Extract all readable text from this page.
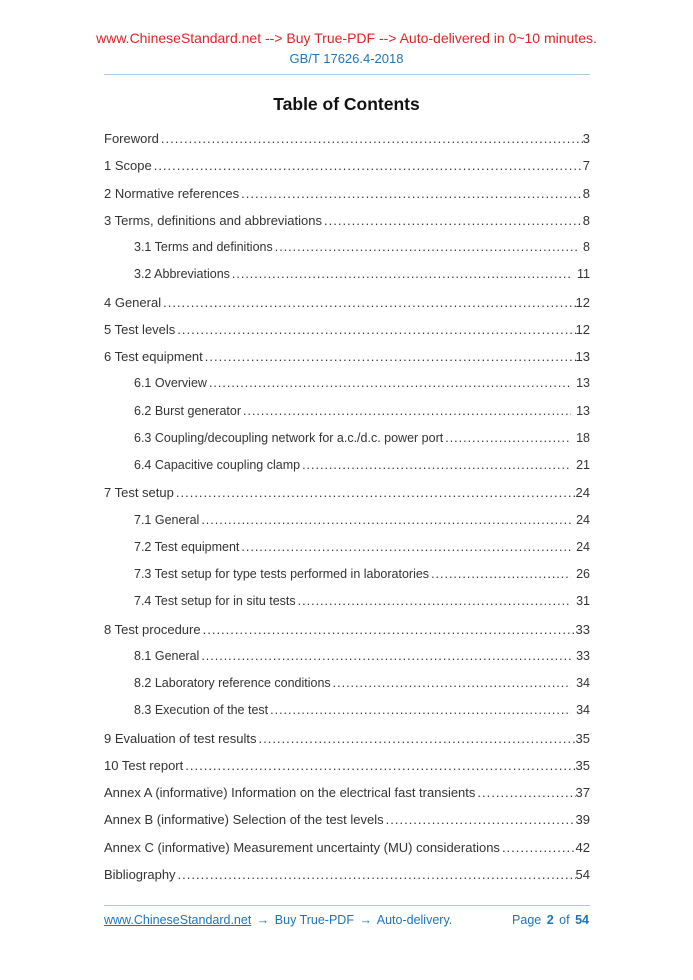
www.ChineseStandard.net --> Buy True-PDF --> Auto-delivered in 0~10 minutes.
GB/T 17626.4-2018
Table of Contents
Foreword .....	3
1 Scope .....	7
2 Normative references .....	8
3 Terms, definitions and abbreviations .....	8
3.1 Terms and definitions .....	8
3.2 Abbreviations .....	11
4 General .....	12
5 Test levels .....	12
6 Test equipment .....	13
6.1 Overview .....	13
6.2 Burst generator .....	13
6.3 Coupling/decoupling network for a.c./d.c. power port .....	18
6.4 Capacitive coupling clamp .....	21
7 Test setup .....	24
7.1 General .....	24
7.2 Test equipment .....	24
7.3 Test setup for type tests performed in laboratories .....	26
7.4 Test setup for in situ tests .....	31
8 Test procedure .....	33
8.1 General .....	33
8.2 Laboratory reference conditions .....	34
8.3 Execution of the test .....	34
9 Evaluation of test results .....	35
10 Test report .....	35
Annex A (informative) Information on the electrical fast transients .....	37
Annex B (informative) Selection of the test levels .....	39
Annex C (informative) Measurement uncertainty (MU) considerations .....	42
Bibliography .....	54
www.ChineseStandard.net → Buy True-PDF → Auto-delivery.	Page 2 of 54
